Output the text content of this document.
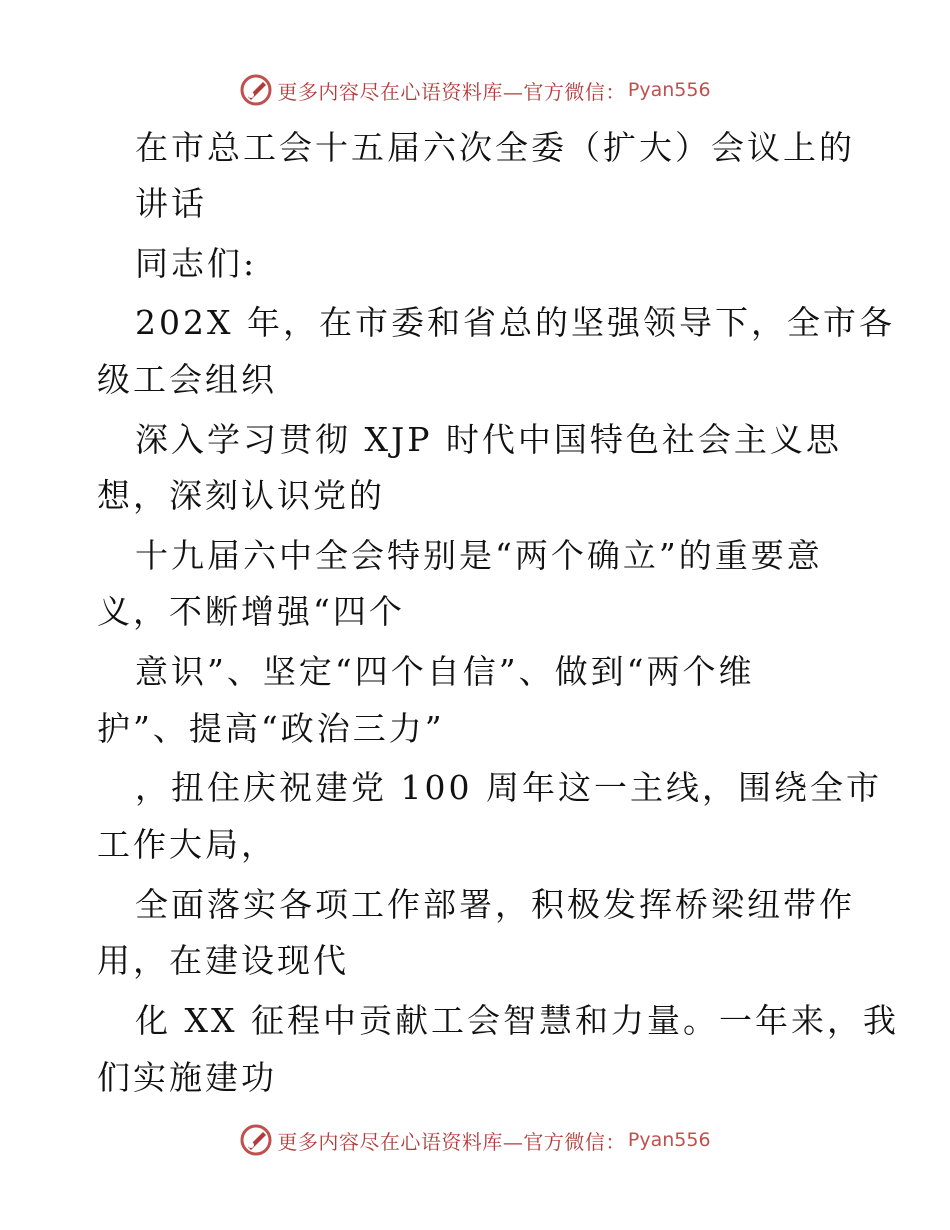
更多内容尽在心语资料库—官方微信： Pyan556

在市总工会十五届六次全委（扩大）会议上的

讲话

同志们:

202X 年，在市委和省总的坚强领导下，全市各

级工会组织

深入学习贯彻 XJP 时代中国特色社会主义思

想，深刻认识党的

十九届六中全会特别是“两个确立”的重要意

义，不断增强“四个

意识”、坚定“四个自信”、做到“两个维

护”、提高“政治三力”

，扭住庆祝建党 100 周年这一主线，围绕全市

工作大局，

全面落实各项工作部署，积极发挥桥梁纽带作

用，在建设现代

化 XX 征程中贡献工会智慧和力量。一年来，我

们实施建功

更多内容尽在心语资料库—官方微信： Pyan556
